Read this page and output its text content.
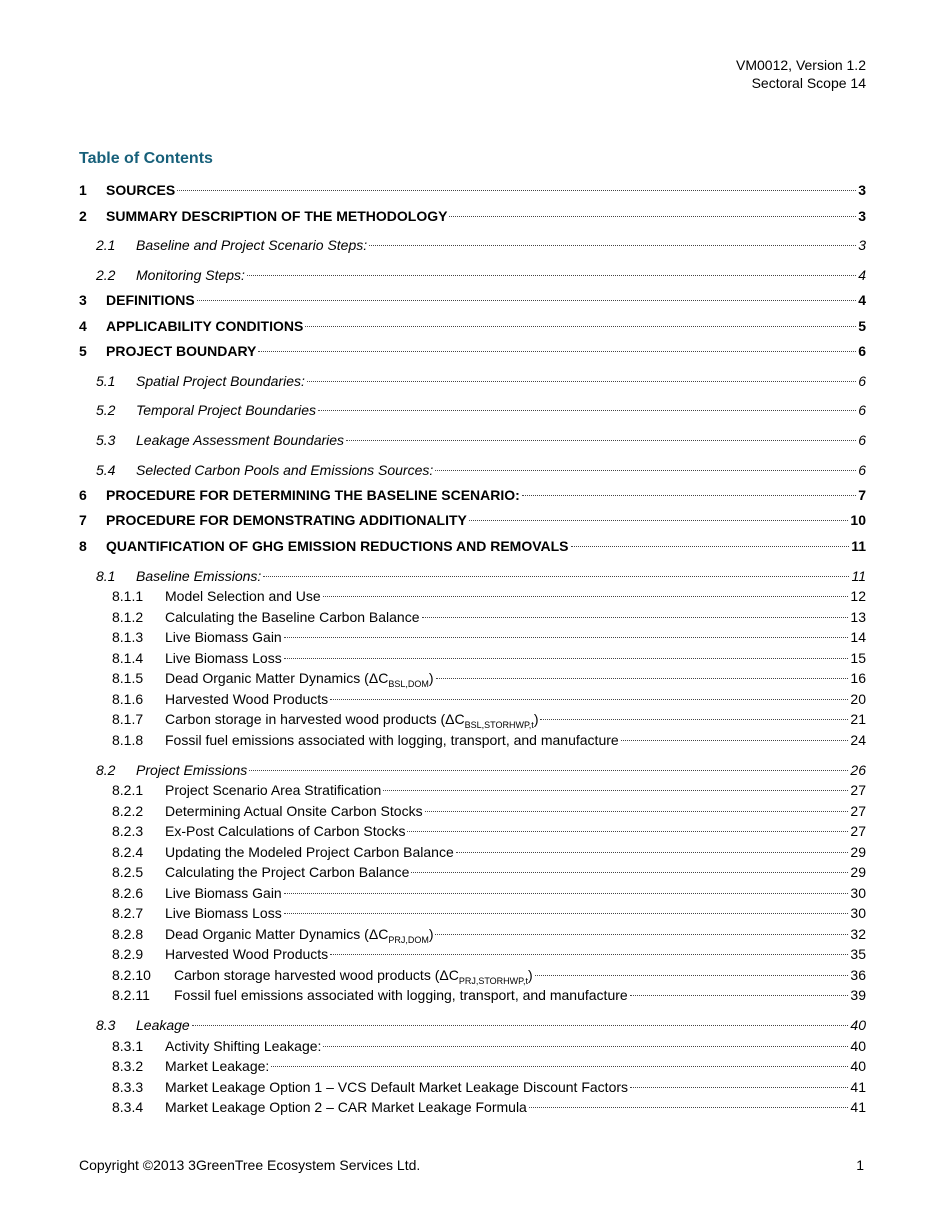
VM0012, Version 1.2
Sectoral Scope 14
Table of Contents
1	SOURCES	3
2	SUMMARY DESCRIPTION OF THE METHODOLOGY	3
2.1	Baseline and Project Scenario Steps:	3
2.2	Monitoring Steps:	4
3	DEFINITIONS	4
4	APPLICABILITY CONDITIONS	5
5	PROJECT BOUNDARY	6
5.1	Spatial Project Boundaries:	6
5.2	Temporal Project Boundaries	6
5.3	Leakage Assessment Boundaries	6
5.4	Selected Carbon Pools and Emissions Sources:	6
6	PROCEDURE FOR DETERMINING THE BASELINE SCENARIO:	7
7	PROCEDURE FOR DEMONSTRATING ADDITIONALITY	10
8	QUANTIFICATION OF GHG EMISSION REDUCTIONS AND REMOVALS	11
8.1	Baseline Emissions:	11
8.1.1	Model Selection and Use	12
8.1.2	Calculating the Baseline Carbon Balance	13
8.1.3	Live Biomass Gain	14
8.1.4	Live Biomass Loss	15
8.1.5	Dead Organic Matter Dynamics $(\Delta C_{BSL,DOM})$	16
8.1.6	Harvested Wood Products	20
8.1.7	Carbon storage in harvested wood products $(\Delta C_{BSL,STORHWP,t})$	21
8.1.8	Fossil fuel emissions associated with logging, transport, and manufacture	24
8.2	Project Emissions	26
8.2.1	Project Scenario Area Stratification	27
8.2.2	Determining Actual Onsite Carbon Stocks	27
8.2.3	Ex-Post Calculations of Carbon Stocks	27
8.2.4	Updating the Modeled Project Carbon Balance	29
8.2.5	Calculating the Project Carbon Balance	29
8.2.6	Live Biomass Gain	30
8.2.7	Live Biomass Loss	30
8.2.8	Dead Organic Matter Dynamics $(\Delta C_{PRJ,DOM})$	32
8.2.9	Harvested Wood Products	35
8.2.10	Carbon storage harvested wood products $(\Delta C_{PRJ,STORHWP,t})$	36
8.2.11	Fossil fuel emissions associated with logging, transport, and manufacture	39
8.3	Leakage	40
8.3.1	Activity Shifting Leakage:	40
8.3.2	Market Leakage:	40
8.3.3	Market Leakage Option 1 – VCS Default Market Leakage Discount Factors	41
8.3.4	Market Leakage Option 2 – CAR Market Leakage Formula	41
Copyright ©2013 3GreenTree Ecosystem Services Ltd.	1
